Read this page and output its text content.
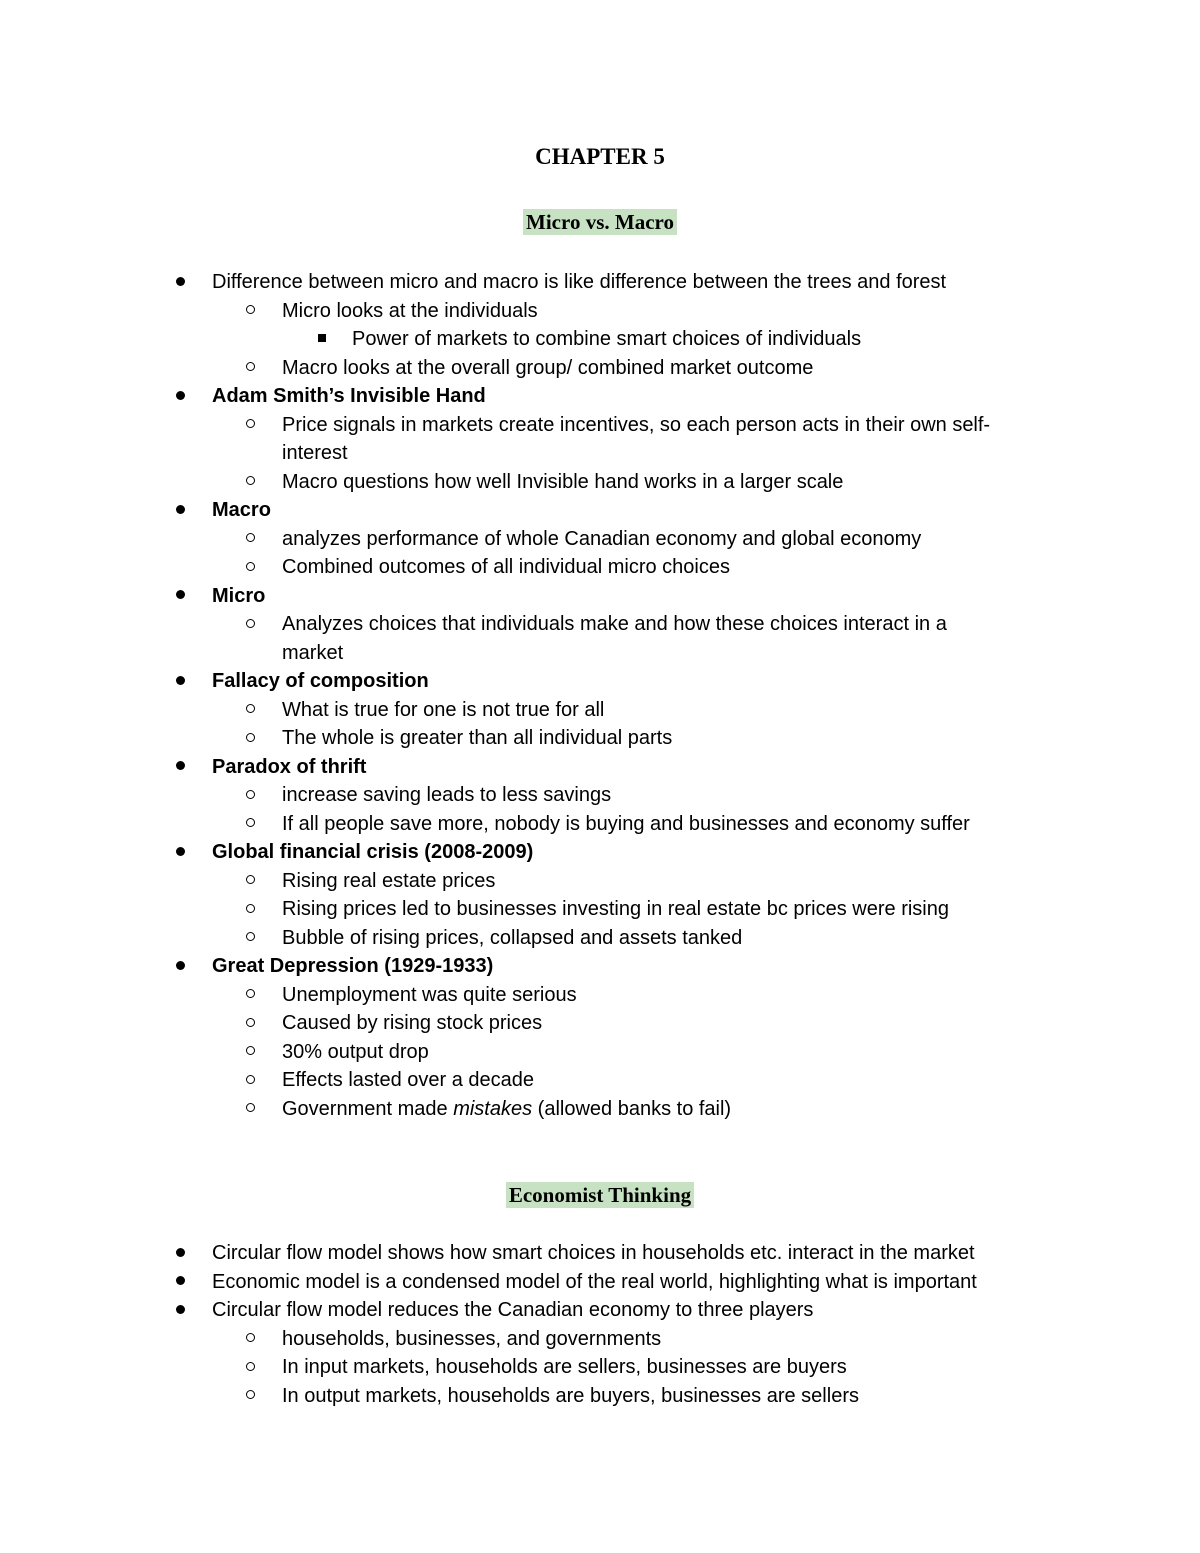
CHAPTER 5
Micro vs. Macro
Difference between micro and macro is like difference between the trees and forest
Micro looks at the individuals
Power of markets to combine smart choices of individuals
Macro looks at the overall group/ combined market outcome
Adam Smith’s Invisible Hand
Price signals in markets create incentives, so each person acts in their own self-
interest
Macro questions how well Invisible hand works in a larger scale
Macro
analyzes performance of whole Canadian economy and global economy
Combined outcomes of all individual micro choices
Micro
Analyzes choices that individuals make and how these choices interact in a
market
Fallacy of composition
What is true for one is not true for all
The whole is greater than all individual parts
Paradox of thrift
increase saving leads to less savings
If all people save more, nobody is buying and businesses and economy suffer
Global financial crisis (2008-2009)
Rising real estate prices
Rising prices led to businesses investing in real estate bc prices were rising
Bubble of rising prices, collapsed and assets tanked
Great Depression (1929-1933)
Unemployment was quite serious
Caused by rising stock prices
30% output drop
Effects lasted over a decade
Government made mistakes (allowed banks to fail)
Economist Thinking
Circular flow model shows how smart choices in households etc. interact in the market
Economic model is a condensed model of the real world, highlighting what is important
Circular flow model reduces the Canadian economy to three players
households, businesses, and governments
In input markets, households are sellers, businesses are buyers
In output markets, households are buyers, businesses are sellers
